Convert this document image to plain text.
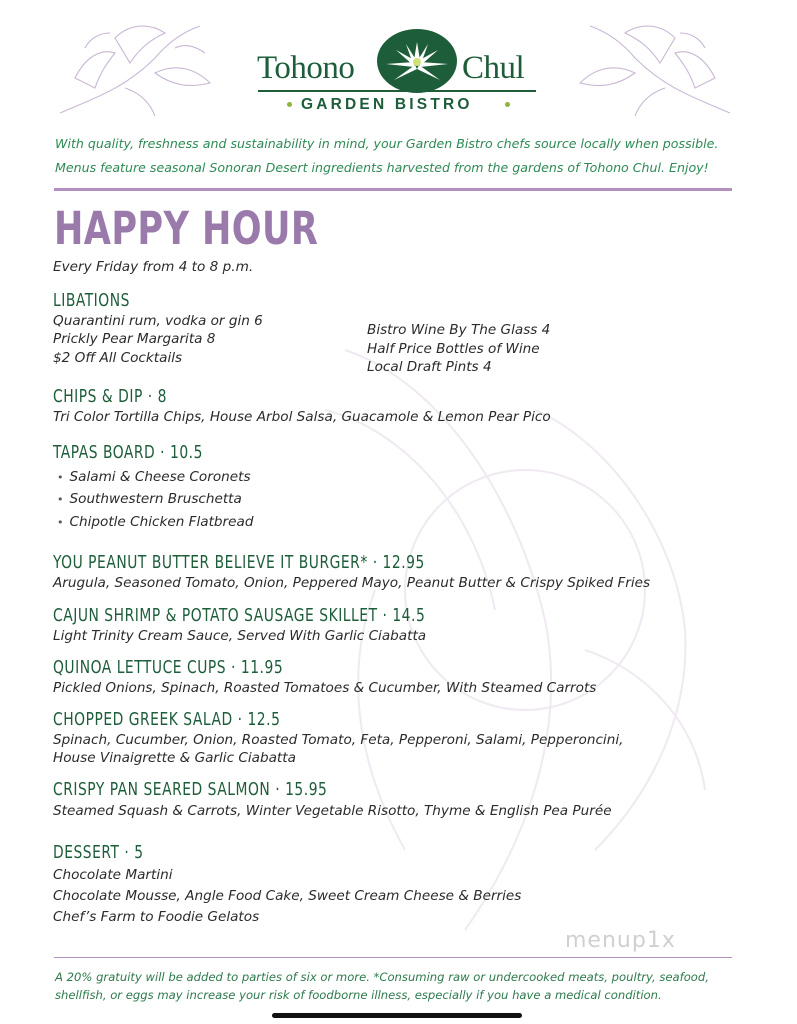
Tohono	Chul
GARDEN BISTRO
With quality, freshness and sustainability in mind, your Garden Bistro chefs source locally when possible.
Menus feature seasonal Sonoran Desert ingredients harvested from the gardens of Tohono Chul. Enjoy!
HAPPY HOUR
Every Friday from 4 to 8 p.m.
LIBATIONS
Quarantini rum, vodka or gin 6
Prickly Pear Margarita 8
$2 Off All Cocktails
Bistro Wine By The Glass 4
Half Price Bottles of Wine
Local Draft Pints 4
CHIPS & DIP · 8
Tri Color Tortilla Chips, House Arbol Salsa, Guacamole & Lemon Pear Pico
TAPAS BOARD · 10.5
• Salami & Cheese Coronets
• Southwestern Bruschetta
• Chipotle Chicken Flatbread
YOU PEANUT BUTTER BELIEVE IT BURGER* · 12.95
Arugula, Seasoned Tomato, Onion, Peppered Mayo, Peanut Butter & Crispy Spiked Fries
CAJUN SHRIMP & POTATO SAUSAGE SKILLET · 14.5
Light Trinity Cream Sauce, Served With Garlic Ciabatta
QUINOA LETTUCE CUPS · 11.95
Pickled Onions, Spinach, Roasted Tomatoes & Cucumber, With Steamed Carrots
CHOPPED GREEK SALAD · 12.5
Spinach, Cucumber, Onion, Roasted Tomato, Feta, Pepperoni, Salami, Pepperoncini,
House Vinaigrette & Garlic Ciabatta
CRISPY PAN SEARED SALMON · 15.95
Steamed Squash & Carrots, Winter Vegetable Risotto, Thyme & English Pea Purée
DESSERT · 5
Chocolate Martini
Chocolate Mousse, Angle Food Cake, Sweet Cream Cheese & Berries
Chef’s Farm to Foodie Gelatos
menup1x
A 20% gratuity will be added to parties of six or more. *Consuming raw or undercooked meats, poultry, seafood,
shellfish, or eggs may increase your risk of foodborne illness, especially if you have a medical condition.
